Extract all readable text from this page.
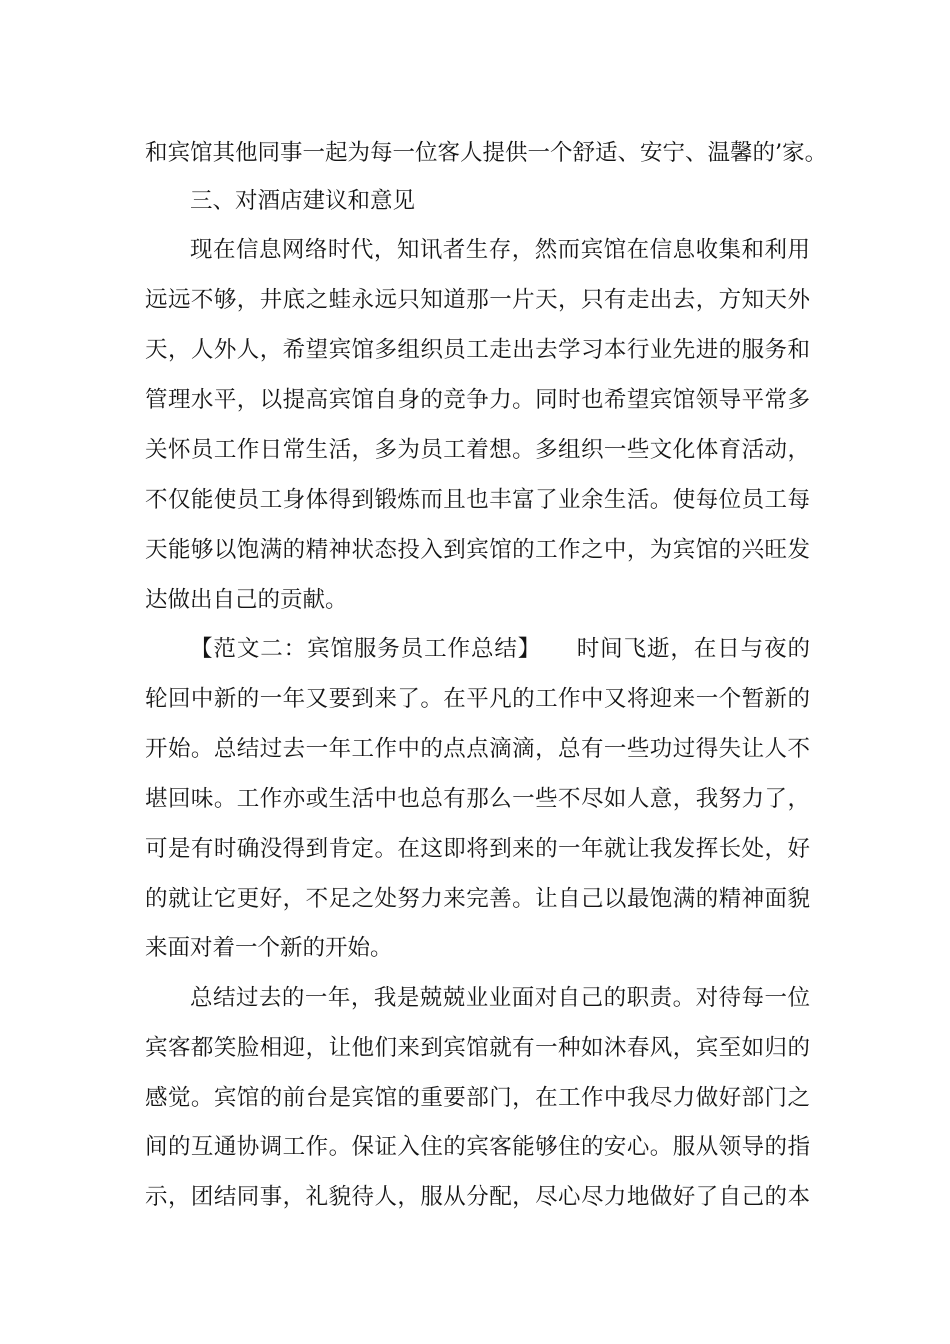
和宾馆其他同事一起为每一位客人提供一个舒适、安宁、温馨的’家。
三、对酒店建议和意见
现在信息网络时代，知讯者生存，然而宾馆在信息收集和利用
远远不够，井底之蛙永远只知道那一片天，只有走出去，方知天外
天，人外人，希望宾馆多组织员工走出去学习本行业先进的服务和
管理水平，以提高宾馆自身的竞争力。同时也希望宾馆领导平常多
关怀员工作日常生活，多为员工着想。多组织一些文化体育活动，
不仅能使员工身体得到锻炼而且也丰富了业余生活。使每位员工每
天能够以饱满的精神状态投入到宾馆的工作之中，为宾馆的兴旺发
达做出自己的贡献。
【范文二：宾馆服务员工作总结】　　时间飞逝，在日与夜的
轮回中新的一年又要到来了。在平凡的工作中又将迎来一个暂新的
开始。总结过去一年工作中的点点滴滴，总有一些功过得失让人不
堪回味。工作亦或生活中也总有那么一些不尽如人意，我努力了，
可是有时确没得到肯定。在这即将到来的一年就让我发挥长处，好
的就让它更好，不足之处努力来完善。让自己以最饱满的精神面貌
来面对着一个新的开始。
总结过去的一年，我是兢兢业业面对自己的职责。对待每一位
宾客都笑脸相迎，让他们来到宾馆就有一种如沐春风，宾至如归的
感觉。宾馆的前台是宾馆的重要部门，在工作中我尽力做好部门之
间的互通协调工作。保证入住的宾客能够住的安心。服从领导的指
示，团结同事，礼貌待人，服从分配，尽心尽力地做好了自己的本
